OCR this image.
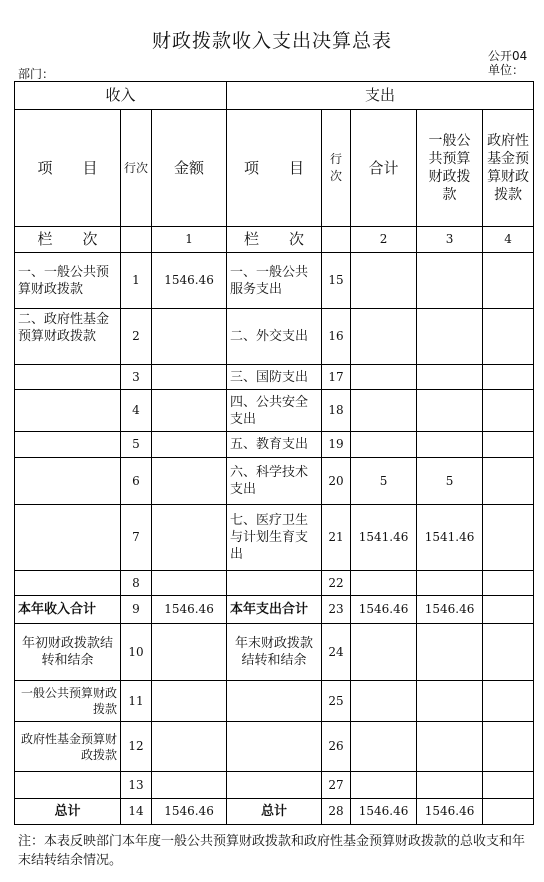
财政拨款收入支出决算总表
公开04
单位：
部门：
收入			支出				
项　　目	行次	金额	项　　目	行次	合计	一般公共预算财政拨款	政府性基金预算财政拨款
栏　　次		1	栏　　次		2	3	4
一、一般公共预算财政拨款	1	1546.46	一、一般公共服务支出	15			
二、政府性基金预算财政拨款	2		二、外交支出	16			
	3		三、国防支出	17			
	4		四、公共安全支出	18			
	5		五、教育支出	19			
	6		六、科学技术支出	20	5	5	
	7		七、医疗卫生与计划生育支出	21	1541.46	1541.46	
	8			22			
本年收入合计	9	1546.46	本年支出合计	23	1546.46	1546.46	
年初财政拨款结转和结余	10		年末财政拨款结转和结余	24			
一般公共预算财政拨款	11			25			
政府性基金预算财政拨款	12			26			
	13			27			
总计	14	1546.46	总计	28	1546.46	1546.46	
注：本表反映部门本年度一般公共预算财政拨款和政府性基金预算财政拨款的总收支和年末结转结余情况。
